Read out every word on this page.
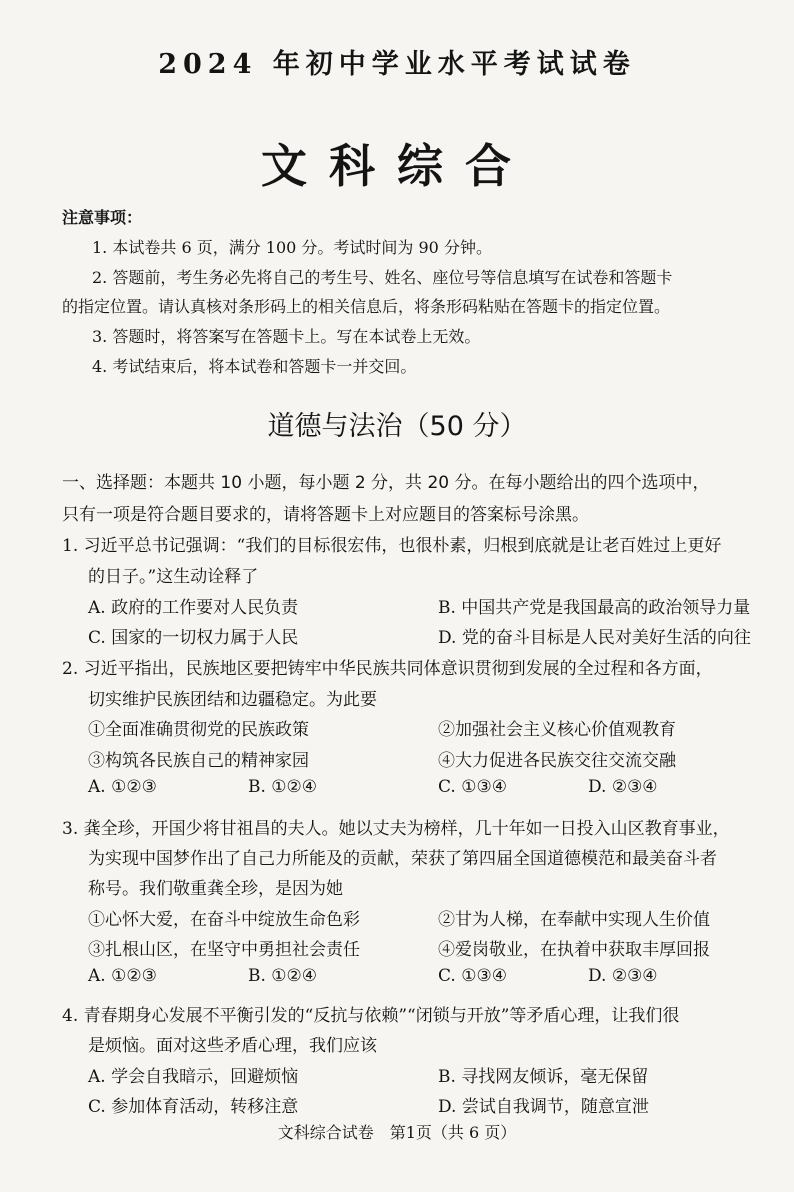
2024 年初中学业水平考试试卷
文科综合
注意事项：
1. 本试卷共 6 页，满分 100 分。考试时间为 90 分钟。
2. 答题前，考生务必先将自己的考生号、姓名、座位号等信息填写在试卷和答题卡
的指定位置。请认真核对条形码上的相关信息后，将条形码粘贴在答题卡的指定位置。
3. 答题时，将答案写在答题卡上。写在本试卷上无效。
4. 考试结束后，将本试卷和答题卡一并交回。
道德与法治（50 分）
一、选择题：本题共 10 小题，每小题 2 分，共 20 分。在每小题给出的四个选项中，
只有一项是符合题目要求的，请将答题卡上对应题目的答案标号涂黑。
1. 习近平总书记强调：“我们的目标很宏伟，也很朴素，归根到底就是让老百姓过上更好
的日子。”这生动诠释了
A. 政府的工作要对人民负责	B. 中国共产党是我国最高的政治领导力量
C. 国家的一切权力属于人民	D. 党的奋斗目标是人民对美好生活的向往
2. 习近平指出，民族地区要把铸牢中华民族共同体意识贯彻到发展的全过程和各方面，
切实维护民族团结和边疆稳定。为此要
①全面准确贯彻党的民族政策	②加强社会主义核心价值观教育
③构筑各民族自己的精神家园	④大力促进各民族交往交流交融
A. ①②③	B. ①②④	C. ①③④	D. ②③④
3. 龚全珍，开国少将甘祖昌的夫人。她以丈夫为榜样，几十年如一日投入山区教育事业，
为实现中国梦作出了自己力所能及的贡献，荣获了第四届全国道德模范和最美奋斗者
称号。我们敬重龚全珍，是因为她
①心怀大爱，在奋斗中绽放生命色彩	②甘为人梯，在奉献中实现人生价值
③扎根山区，在坚守中勇担社会责任	④爱岗敬业，在执着中获取丰厚回报
A. ①②③	B. ①②④	C. ①③④	D. ②③④
4. 青春期身心发展不平衡引发的“反抗与依赖”“闭锁与开放”等矛盾心理，让我们很
是烦恼。面对这些矛盾心理，我们应该
A. 学会自我暗示，回避烦恼	B. 寻找网友倾诉，毫无保留
C. 参加体育活动，转移注意	D. 尝试自我调节，随意宣泄
文科综合试卷　第1页（共 6 页）
